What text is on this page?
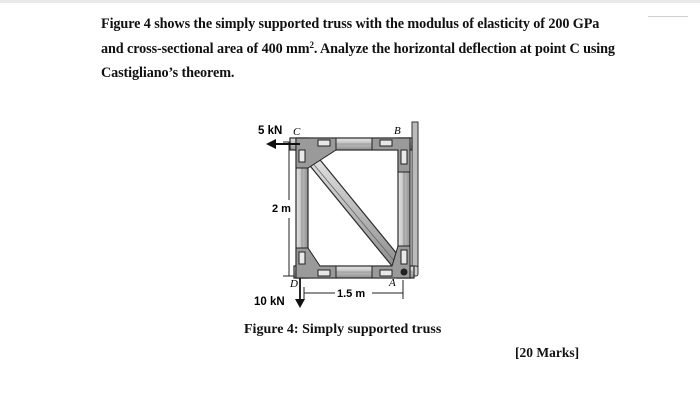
Figure 4 shows the simply supported truss with the modulus of elasticity of 200 GPa
and cross-sectional area of 400 $mm^2$. Analyze the horizontal deflection at point C using
Castigliano’s theorem.
5 kN C	B
D	A
2 m
1.5 m
10 kN
Figure 4: Simply supported truss
[20 Marks]
